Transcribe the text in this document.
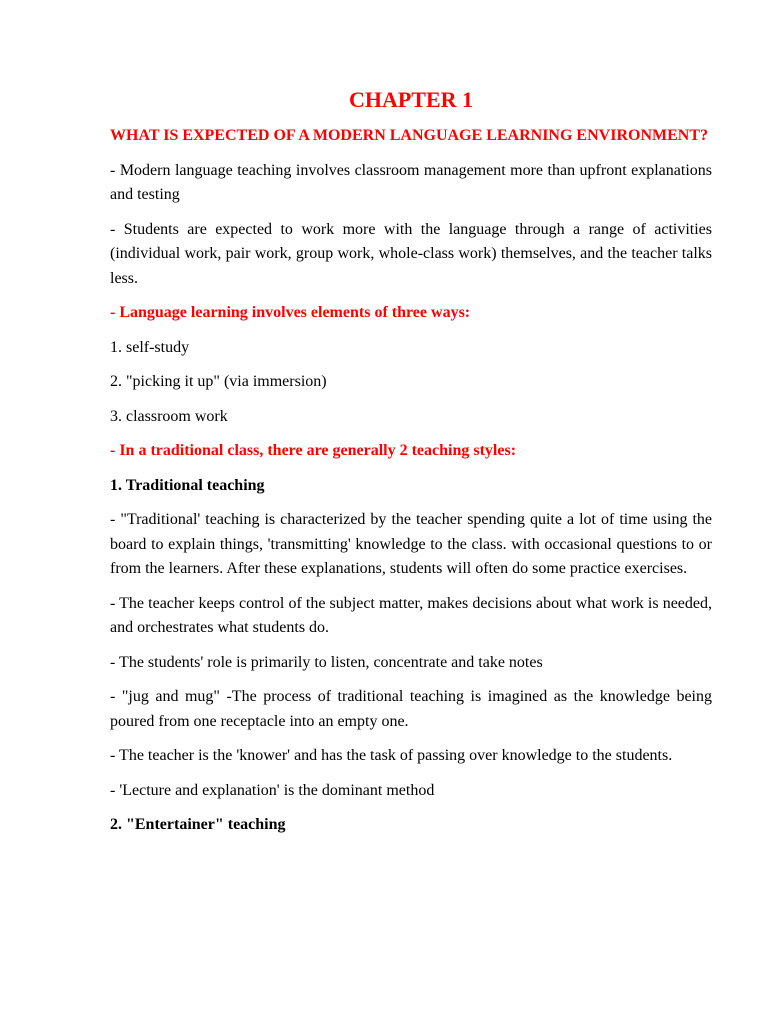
CHAPTER 1

WHAT IS EXPECTED OF A MODERN LANGUAGE LEARNING ENVIRONMENT?

- Modern language teaching involves classroom management more than upfront explanations and testing

- Students are expected to work more with the language through a range of activities (individual work, pair work, group work, whole-class work) themselves, and the teacher talks less.

- Language learning involves elements of three ways:

1. self-study

2. "picking it up" (via immersion)

3. classroom work

- In a traditional class, there are generally 2 teaching styles:

1. Traditional teaching

- "Traditional' teaching is characterized by the teacher spending quite a lot of time using the board to explain things, 'transmitting' knowledge to the class. with occasional questions to or from the learners. After these explanations, students will often do some practice exercises.

- The teacher keeps control of the subject matter, makes decisions about what work is needed, and orchestrates what students do.

- The students' role is primarily to listen, concentrate and take notes

- "jug and mug" -The process of traditional teaching is imagined as the knowledge being poured from one receptacle into an empty one.

- The teacher is the 'knower' and has the task of passing over knowledge to the students.

- 'Lecture and explanation' is the dominant method

2. "Entertainer" teaching
